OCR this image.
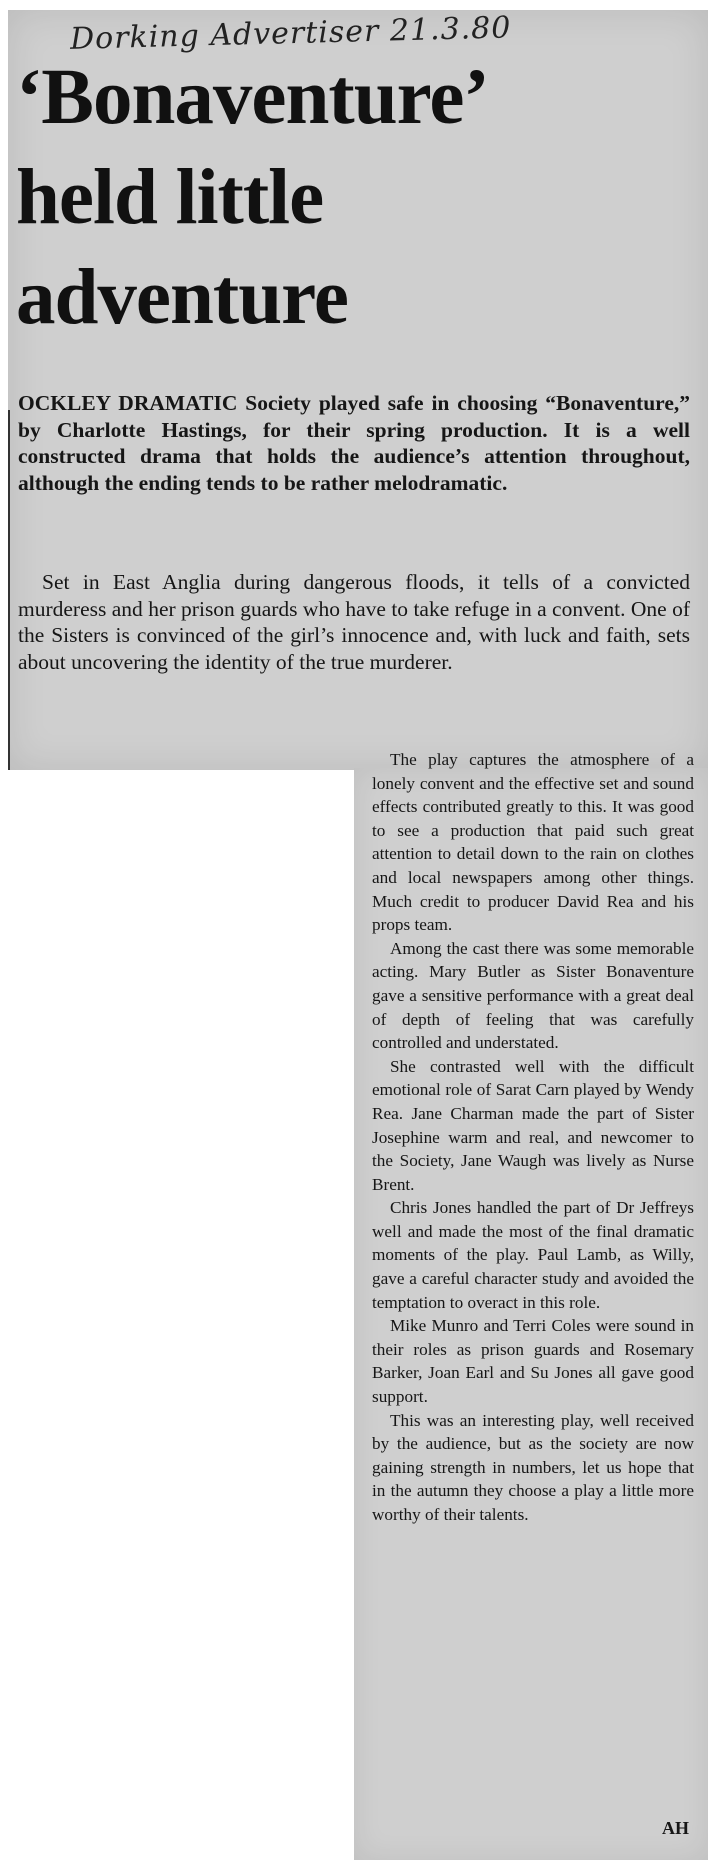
Dorking Advertiser 21.3.80
‘Bonaventure’
held little
adventure

OCKLEY DRAMATIC Society played safe in choosing “Bonaventure,” by Charlotte Hastings, for their spring production. It is a well constructed drama that holds the audience’s attention throughout, although the ending tends to be rather melodramatic.

Set in East Anglia during dangerous floods, it tells of a convicted murderess and her prison guards who have to take refuge in a convent. One of the Sisters is convinced of the girl’s innocence and, with luck and faith, sets about uncovering the identity of the true murderer.

The play captures the atmosphere of a lonely convent and the effective set and sound effects contributed greatly to this. It was good to see a production that paid such great attention to detail down to the rain on clothes and local newspapers among other things. Much credit to producer David Rea and his props team.

Among the cast there was some memorable acting. Mary Butler as Sister Bonaventure gave a sensitive performance with a great deal of depth of feeling that was carefully controlled and understated.

She contrasted well with the difficult emotional role of Sarat Carn played by Wendy Rea. Jane Charman made the part of Sister Josephine warm and real, and newcomer to the Society, Jane Waugh was lively as Nurse Brent.

Chris Jones handled the part of Dr Jeffreys well and made the most of the final dramatic moments of the play. Paul Lamb, as Willy, gave a careful character study and avoided the temptation to overact in this role.

Mike Munro and Terri Coles were sound in their roles as prison guards and Rosemary Barker, Joan Earl and Su Jones all gave good support.

This was an interesting play, well received by the audience, but as the society are now gaining strength in numbers, let us hope that in the autumn they choose a play a little more worthy of their talents.

AH
